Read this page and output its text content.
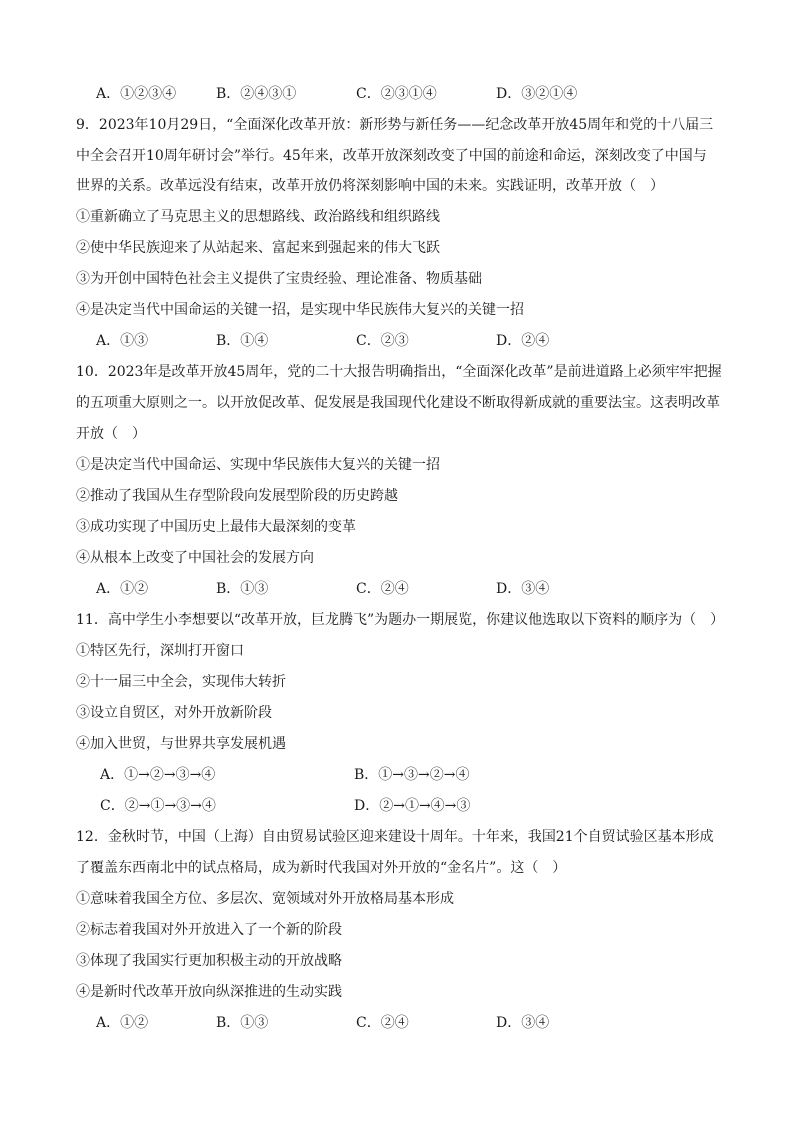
A．①②③④	B．②④③①	C．②③①④	D．③②①④
9．2023年10月29日，“全面深化改革开放：新形势与新任务——纪念改革开放45周年和党的十八届三
中全会召开10周年研讨会”举行。45年来，改革开放深刻改变了中国的前途和命运，深刻改变了中国与
世界的关系。改革远没有结束，改革开放仍将深刻影响中国的未来。实践证明，改革开放（　）
①重新确立了马克思主义的思想路线、政治路线和组织路线
②使中华民族迎来了从站起来、富起来到强起来的伟大飞跃
③为开创中国特色社会主义提供了宝贵经验、理论准备、物质基础
④是决定当代中国命运的关键一招，是实现中华民族伟大复兴的关键一招
A．①③	B．①④	C．②③	D．②④
10．2023年是改革开放45周年，党的二十大报告明确指出，“全面深化改革”是前进道路上必须牢牢把握
的五项重大原则之一。以开放促改革、促发展是我国现代化建设不断取得新成就的重要法宝。这表明改革
开放（　）
①是决定当代中国命运、实现中华民族伟大复兴的关键一招
②推动了我国从生存型阶段向发展型阶段的历史跨越
③成功实现了中国历史上最伟大最深刻的变革
④从根本上改变了中国社会的发展方向
A．①②	B．①③	C．②④	D．③④
11．高中学生小李想要以“改革开放，巨龙腾飞”为题办一期展览，你建议他选取以下资料的顺序为（　）
①特区先行，深圳打开窗口
②十一届三中全会，实现伟大转折
③设立自贸区，对外开放新阶段
④加入世贸，与世界共享发展机遇
A．①→②→③→④	B．①→③→②→④
C．②→①→③→④	D．②→①→④→③
12．金秋时节，中国（上海）自由贸易试验区迎来建设十周年。十年来，我国21个自贸试验区基本形成
了覆盖东西南北中的试点格局，成为新时代我国对外开放的“金名片”。这（　）
①意味着我国全方位、多层次、宽领域对外开放格局基本形成
②标志着我国对外开放进入了一个新的阶段
③体现了我国实行更加积极主动的开放战略
④是新时代改革开放向纵深推进的生动实践
A．①②	B．①③	C．②④	D．③④
